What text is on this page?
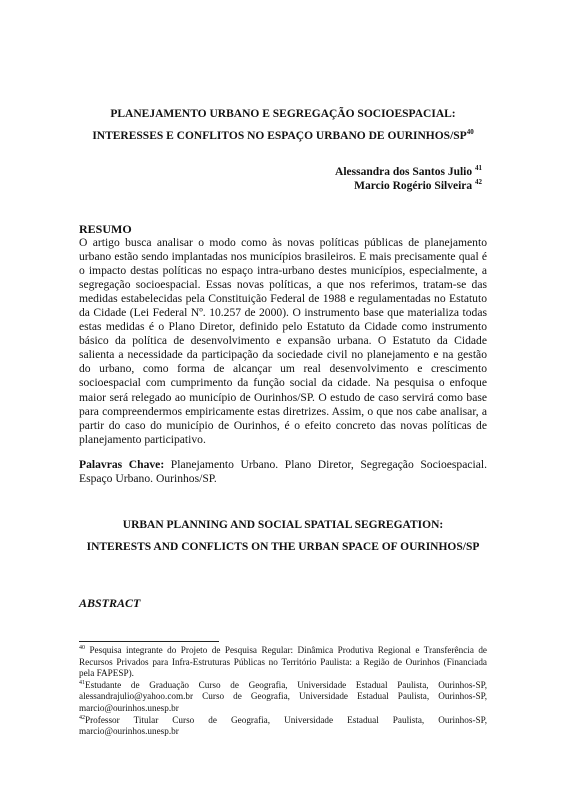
PLANEJAMENTO URBANO E SEGREGAÇÃO SOCIOESPACIAL:
INTERESSES E CONFLITOS NO ESPAÇO URBANO DE OURINHOS/SP$^{40}$
Alessandra dos Santos Julio $^{41}$
Marcio Rogério Silveira $^{42}$
RESUMO
O artigo busca analisar o modo como às novas políticas públicas de planejamento urbano estão sendo implantadas nos municípios brasileiros. E mais precisamente qual é o impacto destas políticas no espaço intra-urbano destes municípios, especialmente, a segregação socioespacial. Essas novas políticas, a que nos referimos, tratam-se das medidas estabelecidas pela Constituição Federal de 1988 e regulamentadas no Estatuto da Cidade (Lei Federal Nº. 10.257 de 2000). O instrumento base que materializa todas estas medidas é o Plano Diretor, definido pelo Estatuto da Cidade como instrumento básico da política de desenvolvimento e expansão urbana. O Estatuto da Cidade salienta a necessidade da participação da sociedade civil no planejamento e na gestão do urbano, como forma de alcançar um real desenvolvimento e crescimento socioespacial com cumprimento da função social da cidade. Na pesquisa o enfoque maior será relegado ao município de Ourinhos/SP. O estudo de caso servirá como base para compreendermos empiricamente estas diretrizes. Assim, o que nos cabe analisar, a partir do caso do município de Ourinhos, é o efeito concreto das novas políticas de planejamento participativo.
Palavras Chave: Planejamento Urbano. Plano Diretor, Segregação Socioespacial. Espaço Urbano. Ourinhos/SP.
URBAN PLANNING AND SOCIAL SPATIAL SEGREGATION:
INTERESTS AND CONFLICTS ON THE URBAN SPACE OF OURINHOS/SP
ABSTRACT

$^{40}$ Pesquisa integrante do Projeto de Pesquisa Regular: Dinâmica Produtiva Regional e Transferência de Recursos Privados para Infra-Estruturas Públicas no Território Paulista: a Região de Ourinhos (Financiada pela FAPESP).

$^{41}$Estudante de Graduação Curso de Geografia, Universidade Estadual Paulista, Ourinhos-SP, alessandrajulio@yahoo.com.br Curso de Geografia, Universidade Estadual Paulista, Ourinhos-SP, marcio@ourinhos.unesp.br

$^{42}$Professor Titular Curso de Geografia, Universidade Estadual Paulista, Ourinhos-SP, marcio@ourinhos.unesp.br
